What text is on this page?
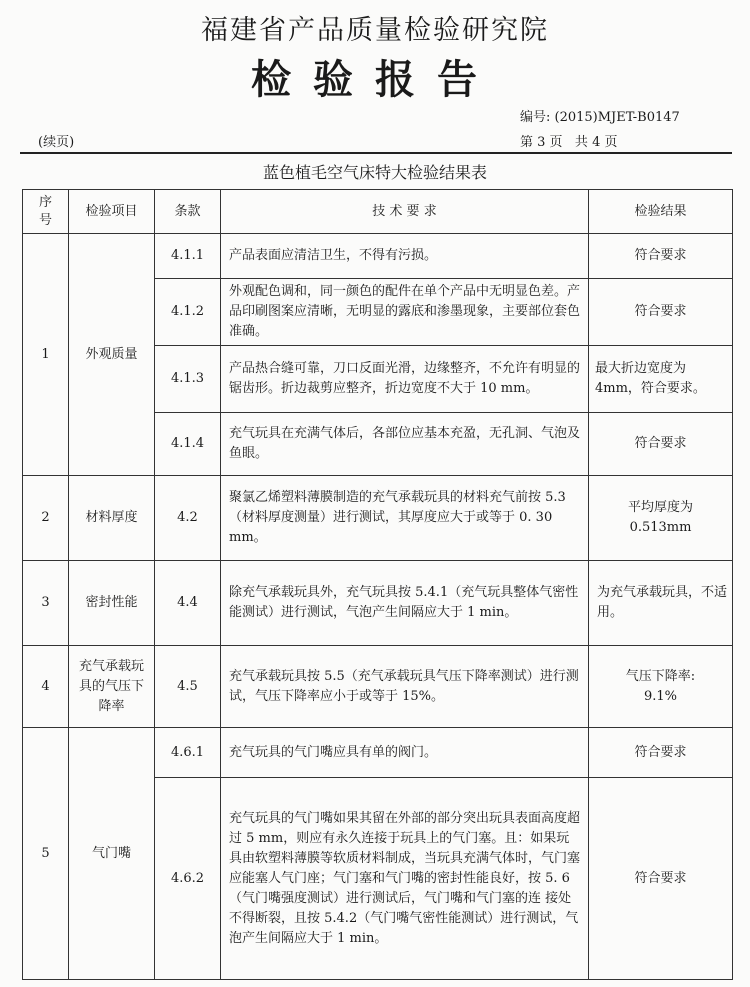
福建省产品质量检验研究院
检验报告
编号: (2015)MJET-B0147
(续页)	第 3 页   共 4 页
蓝色植毛空气床特大检验结果表
序号	检验项目	条款	技 术 要 求	检验结果
1	外观质量	4.1.1	产品表面应清洁卫生，不得有污损。	符合要求
		4.1.2	外观配色调和，同一颜色的配件在单个产品中无明显色差。产品印刷图案应清晰，无明显的露底和渗墨现象，主要部位套色准确。	符合要求
		4.1.3	产品热合缝可靠，刀口反面光滑，边缘整齐，不允许有明显的锯齿形。折边裁剪应整齐，折边宽度不大于 10 mm。	最大折边宽度为4mm，符合要求。
		4.1.4	充气玩具在充满气体后，各部位应基本充盈，无孔洞、气泡及鱼眼。	符合要求
2	材料厚度	4.2	聚氯乙烯塑料薄膜制造的充气承载玩具的材料充气前按 5.3（材料厚度测量）进行测试，其厚度应大于或等于 0. 30 mm。	平均厚度为 0.513mm
3	密封性能	4.4	除充气承载玩具外，充气玩具按 5.4.1（充气玩具整体气密性能测试）进行测试，气泡产生间隔应大于 1 min。	为充气承载玩具，不适用。
4	充气承载玩具的气压下降率	4.5	充气承载玩具按 5.5（充气承载玩具气压下降率测试）进行测试，气压下降率应小于或等于 15%。	气压下降率: 9.1%
5	气门嘴	4.6.1	充气玩具的气门嘴应具有单的阀门。	符合要求
		4.6.2	充气玩具的气门嘴如果其留在外部的部分突出玩具表面高度超过 5 mm，则应有永久连接于玩具上的气门塞。且：如果玩具由软塑料薄膜等软质材料制成，当玩具充满气体时，气门塞应能塞人气门座；气门塞和气门嘴的密封性能良好，按 5. 6（气门嘴强度测试）进行测试后，气门嘴和气门塞的连 接处不得断裂，且按 5.4.2（气门嘴气密性能测试）进行测试，气泡产生间隔应大于 1 min。	符合要求
